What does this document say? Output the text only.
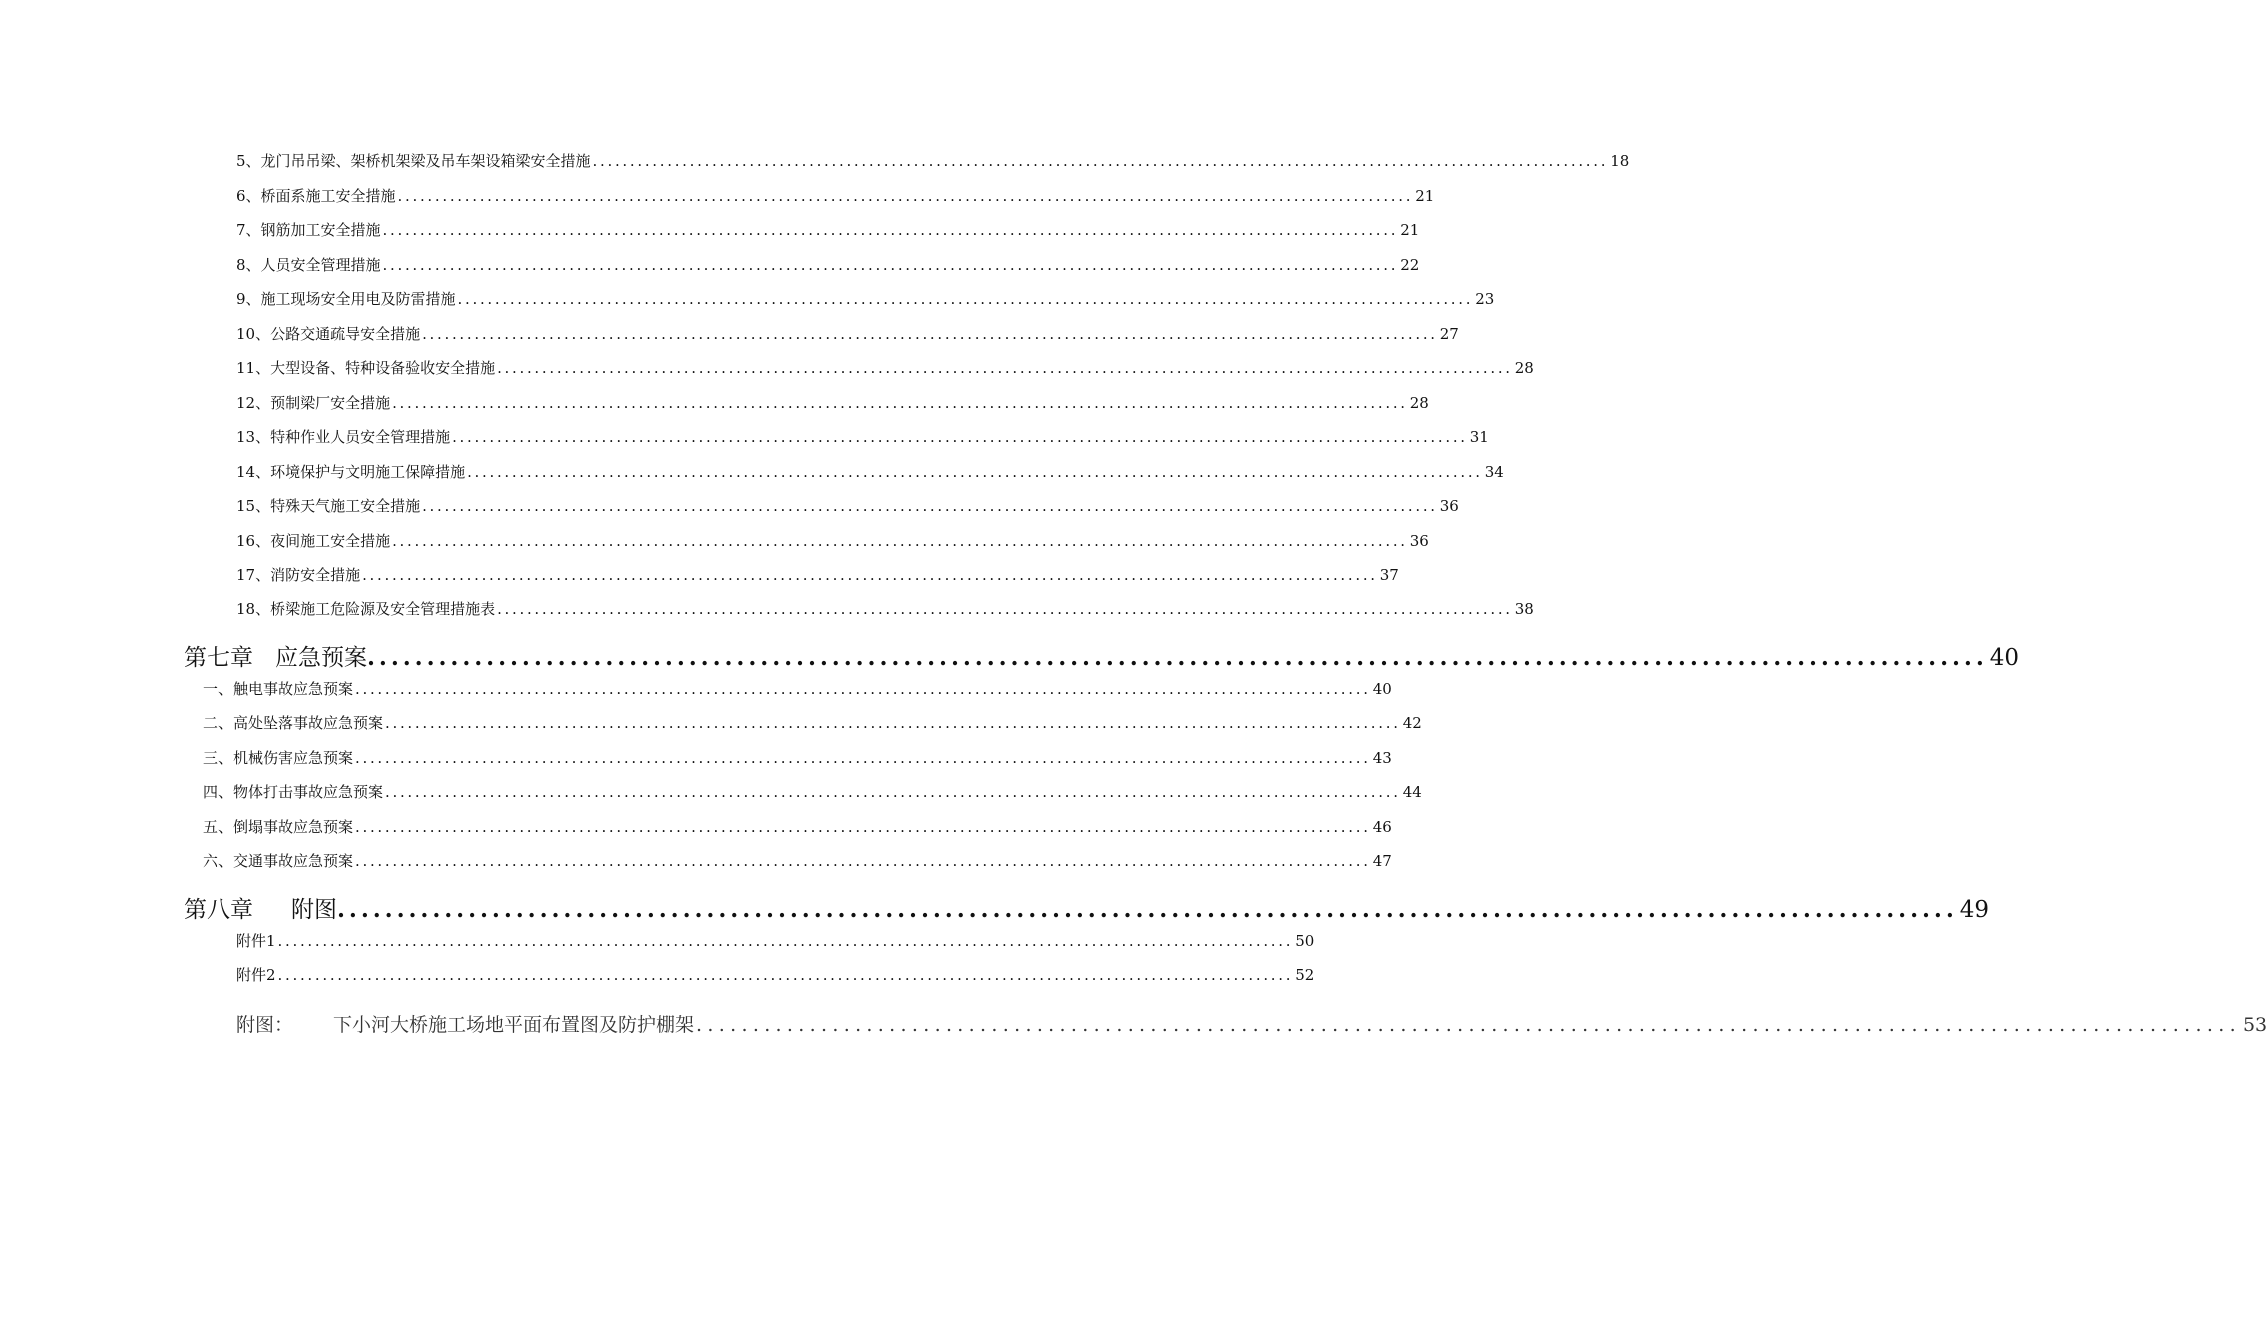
5、龙门吊吊梁、架桥机架梁及吊车架设箱梁安全措施 ........................................................................................................................................ 18
6、桥面系施工安全措施 ........................................................................................................................................ 21
7、钢筋加工安全措施 ........................................................................................................................................ 21
8、人员安全管理措施 ........................................................................................................................................ 22
9、施工现场安全用电及防雷措施 ........................................................................................................................................ 23
10、公路交通疏导安全措施 ........................................................................................................................................ 27
11、大型设备、特种设备验收安全措施 ........................................................................................................................................ 28
12、预制梁厂安全措施 ........................................................................................................................................ 28
13、特种作业人员安全管理措施 ........................................................................................................................................ 31
14、环境保护与文明施工保障措施 ........................................................................................................................................ 34
15、特殊天气施工安全措施 ........................................................................................................................................ 36
16、夜间施工安全措施 ........................................................................................................................................ 36
17、消防安全措施 ........................................................................................................................................ 37
18、桥梁施工危险源及安全管理措施表 ........................................................................................................................................ 38
第七章 应急预案 ........................................................................................................................................ 40
一、触电事故应急预案 ........................................................................................................................................ 40
二、高处坠落事故应急预案 ........................................................................................................................................ 42
三、机械伤害应急预案 ........................................................................................................................................ 43
四、物体打击事故应急预案 ........................................................................................................................................ 44
五、倒塌事故应急预案 ........................................................................................................................................ 46
六、交通事故应急预案 ........................................................................................................................................ 47
第八章 附图 ........................................................................................................................................ 49
附件1 ........................................................................................................................................ 50
附件2 ........................................................................................................................................ 52
附图： 下小河大桥施工场地平面布置图及防护棚架 ........................................................................................................................................ 53
